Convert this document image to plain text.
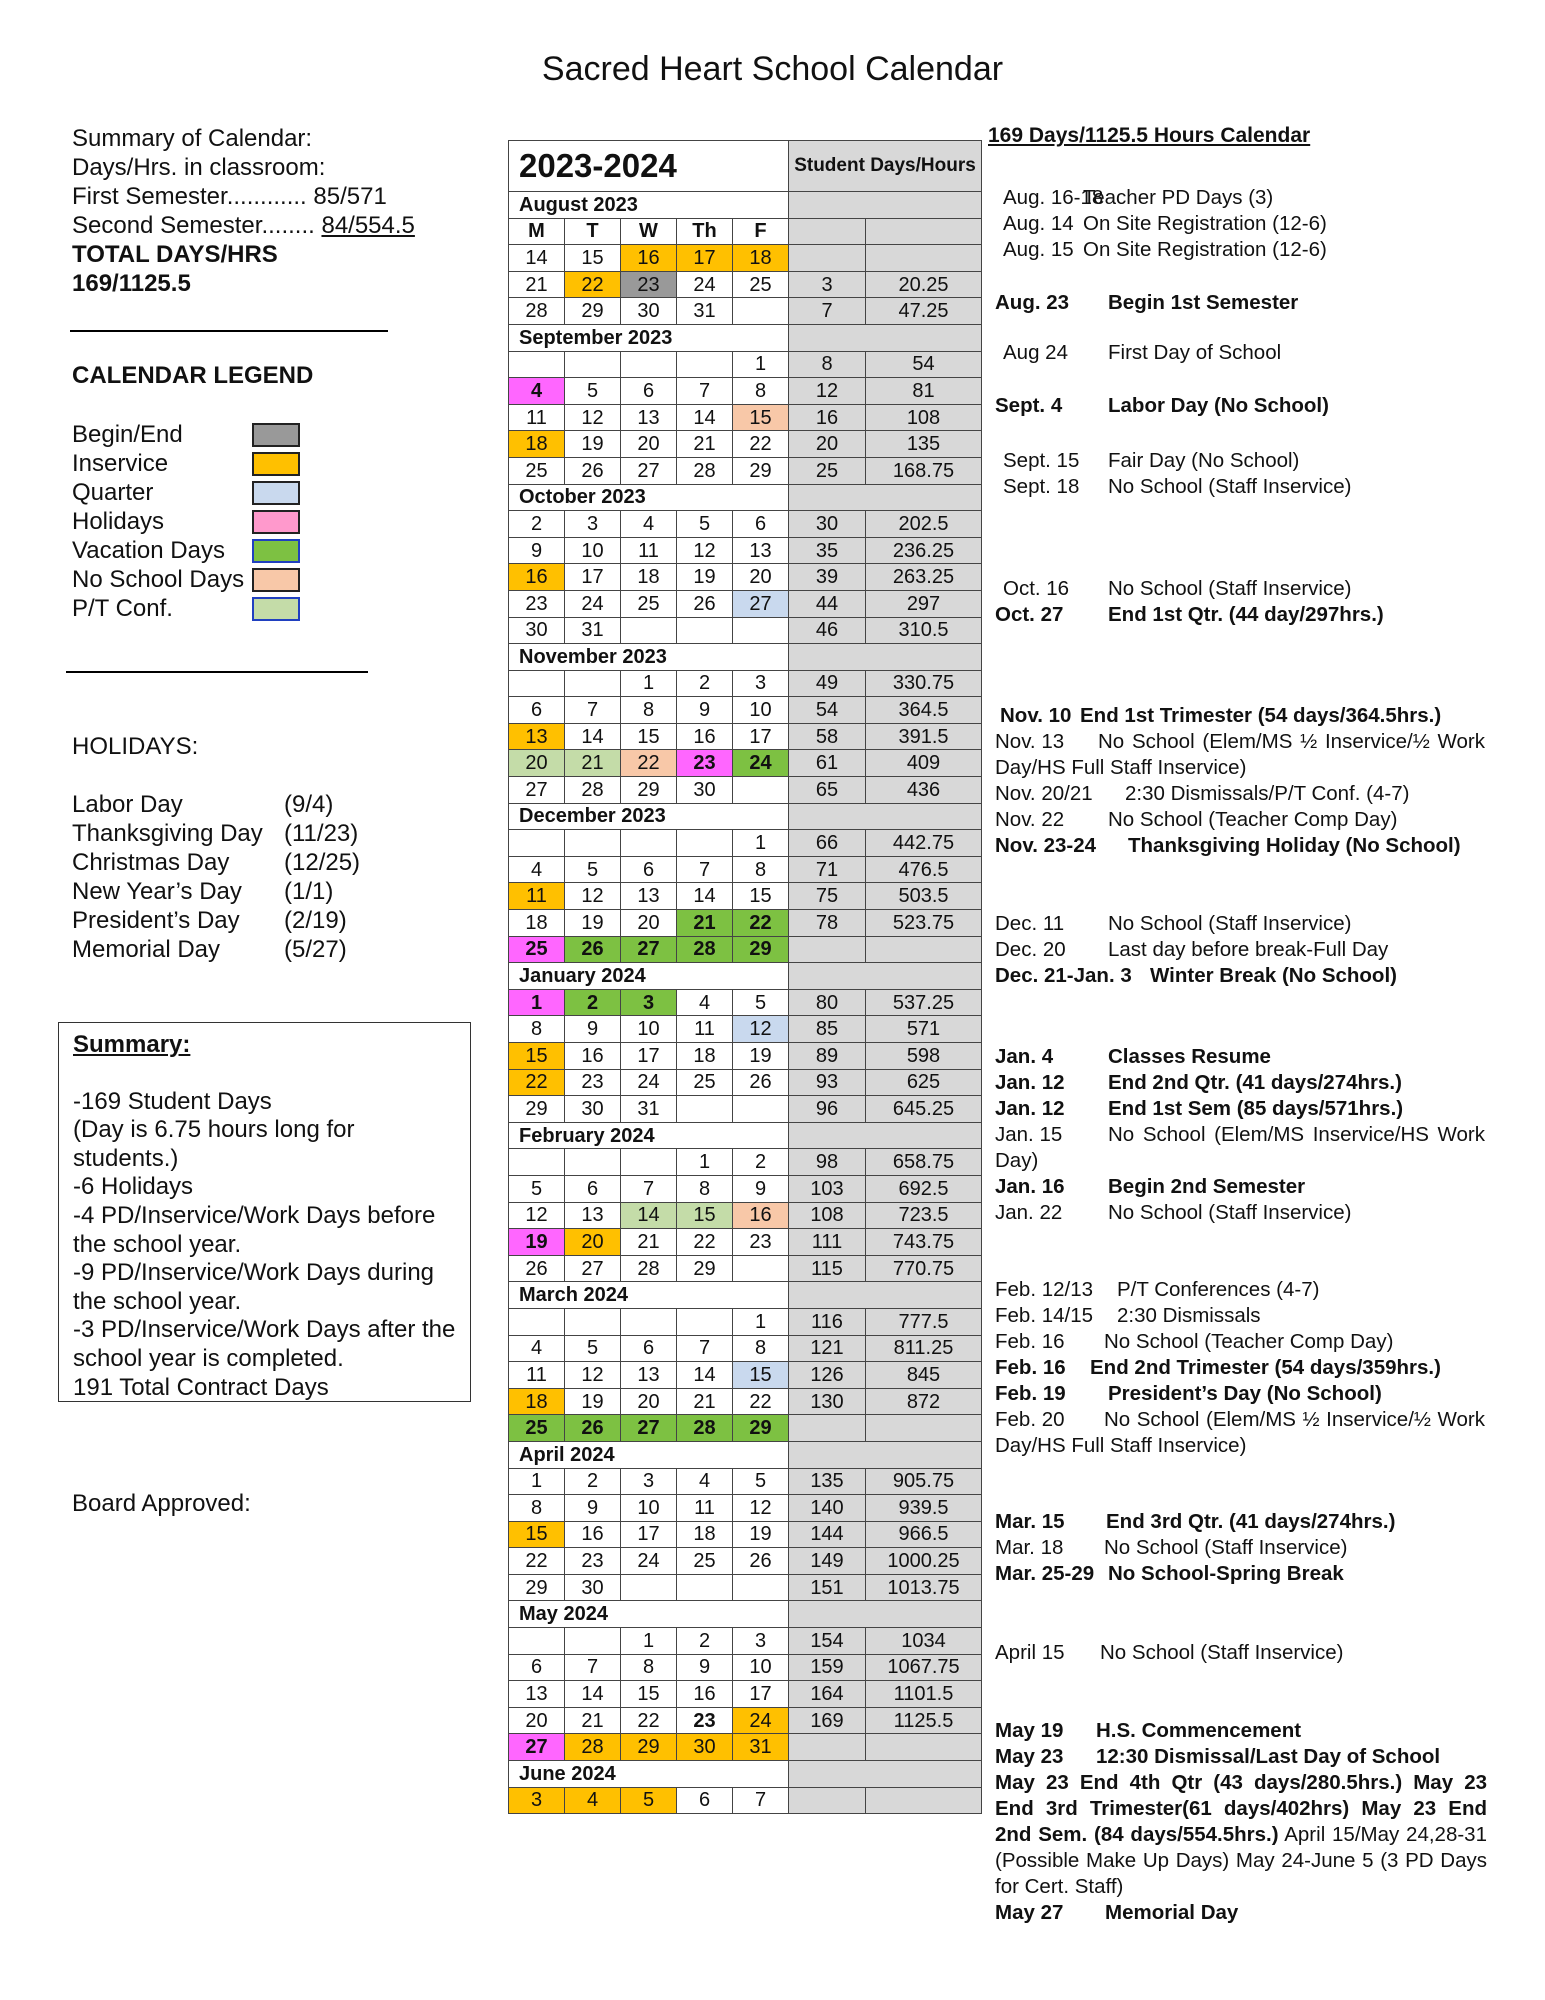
Sacred Heart School Calendar
Summary of Calendar:
Days/Hrs. in classroom:
First Semester............ 85/571
Second Semester........ 84/554.5
TOTAL DAYS/HRS
169/1125.5
CALENDAR LEGEND
Begin/End
Inservice
Quarter
Holidays
Vacation Days
No School Days
P/T Conf.
HOLIDAYS:
Labor Day	(9/4)
Thanksgiving Day (11/23)
Christmas Day (12/25)
New Year’s Day (1/1)
President’s Day (2/19)
Memorial Day	(5/27)
Summary:
-169 Student Days
(Day is 6.75 hours long for students.)
-6 Holidays
-4 PD/Inservice/Work Days before the school year.
-9 PD/Inservice/Work Days during the school year.
-3 PD/Inservice/Work Days after the school year is completed.
191 Total Contract Days
Board Approved:
2023-2024					Student Days/Hours	
August 2023						
M	T	W	Th	F		
14	15	16	17	18		
21	22	23	24	25	3	20.25
28	29	30	31		7	47.25
September 2023						
				1	8	54
4	5	6	7	8	12	81
11	12	13	14	15	16	108
18	19	20	21	22	20	135
25	26	27	28	29	25	168.75
October 2023						
2	3	4	5	6	30	202.5
9	10	11	12	13	35	236.25
16	17	18	19	20	39	263.25
23	24	25	26	27	44	297
30	31				46	310.5
November 2023						
		1	2	3	49	330.75
6	7	8	9	10	54	364.5
13	14	15	16	17	58	391.5
20	21	22	23	24	61	409
27	28	29	30		65	436
December 2023						
				1	66	442.75
4	5	6	7	8	71	476.5
11	12	13	14	15	75	503.5
18	19	20	21	22	78	523.75
25	26	27	28	29		
January 2024						
1	2	3	4	5	80	537.25
8	9	10	11	12	85	571
15	16	17	18	19	89	598
22	23	24	25	26	93	625
29	30	31			96	645.25
February 2024						
			1	2	98	658.75
5	6	7	8	9	103	692.5
12	13	14	15	16	108	723.5
19	20	21	22	23	111	743.75
26	27	28	29		115	770.75
March 2024						
				1	116	777.5
4	5	6	7	8	121	811.25
11	12	13	14	15	126	845
18	19	20	21	22	130	872
25	26	27	28	29		
April 2024						
1	2	3	4	5	135	905.75
8	9	10	11	12	140	939.5
15	16	17	18	19	144	966.5
22	23	24	25	26	149	1000.25
29	30				151	1013.75
May 2024						
		1	2	3	154	1034
6	7	8	9	10	159	1067.75
13	14	15	16	17	164	1101.5
20	21	22	23	24	169	1125.5
27	28	29	30	31		
June 2024						
3	4	5	6	7		
169 Days/1125.5 Hours Calendar
Aug. 16-18Teacher PD Days (3)
Aug. 14 On Site Registration (12-6)
Aug. 15 On Site Registration (12-6)
Aug. 23 Begin 1st Semester
Aug 24 First Day of School
Sept. 4 Labor Day (No School)
Sept. 15 Fair Day (No School)
Sept. 18 No School (Staff Inservice)
Oct. 16 No School (Staff Inservice)
Oct. 27 End 1st Qtr. (44 day/297hrs.)
Nov. 10 End 1st Trimester (54 days/364.5hrs.)
Nov. 13 No School (Elem/MS ½ Inservice/½ Work Day/HS Full Staff Inservice)
Nov. 20/21 2:30 Dismissals/P/T Conf. (4-7)
Nov. 22 No School (Teacher Comp Day)
Nov. 23-24 Thanksgiving Holiday (No School)
Dec. 11 No School (Staff Inservice)
Dec. 20 Last day before break-Full Day
Dec. 21-Jan. 3 Winter Break (No School)
Jan. 4	Classes Resume
Jan. 12 End 2nd Qtr. (41 days/274hrs.)
Jan. 12 End 1st Sem (85 days/571hrs.)
Jan. 15 No School (Elem/MS Inservice/HS Work Day)
Jan. 16 Begin 2nd Semester
Jan. 22 No School (Staff Inservice)
Feb. 12/13 P/T Conferences (4-7)
Feb. 14/15 2:30 Dismissals
Feb. 16 No School (Teacher Comp Day)
Feb. 16 End 2nd Trimester (54 days/359hrs.)
Feb. 19 President’s Day (No School)
Feb. 20 No School (Elem/MS ½ Inservice/½ Work Day/HS Full Staff Inservice)
Mar. 15 End 3rd Qtr. (41 days/274hrs.)
Mar. 18 No School (Staff Inservice)
Mar. 25-29 No School-Spring Break
April 15 No School (Staff Inservice)
May 19 H.S. Commencement
May 23 12:30 Dismissal/Last Day of School
May 23 End 4th Qtr (43 days/280.5hrs.) May 23 End 3rd Trimester(61 days/402hrs) May 23 End 2nd Sem. (84 days/554.5hrs.) April 15/May 24,28-31 (Possible Make Up Days) May 24-June 5 (3 PD Days for Cert. Staff)
May 27 Memorial Day
